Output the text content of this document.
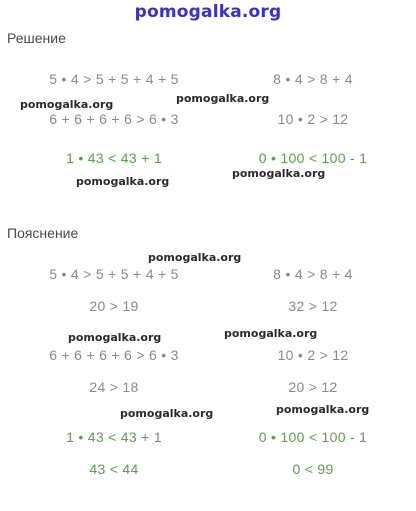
pomogalka.org
Решение
5 • 4 > 5 + 5 + 4 + 5	8 • 4 > 8 + 4
6 + 6 + 6 + 6 > 6 • 3	10 • 2 > 12
1 • 43 < 43 + 1	0 • 100 < 100 - 1
Пояснение
5 • 4 > 5 + 5 + 4 + 5	8 • 4 > 8 + 4
20 > 19	32 > 12
6 + 6 + 6 + 6 > 6 • 3	10 • 2 > 12
24 > 18	20 > 12
1 • 43 < 43 + 1	0 • 100 < 100 - 1
43 < 44	0 < 99
pomogalka.org	pomogalka.org
pomogalka.org
pomogalka.org
pomogalka.org
pomogalka.org	pomogalka.org
pomogalka.org	pomogalka.org
